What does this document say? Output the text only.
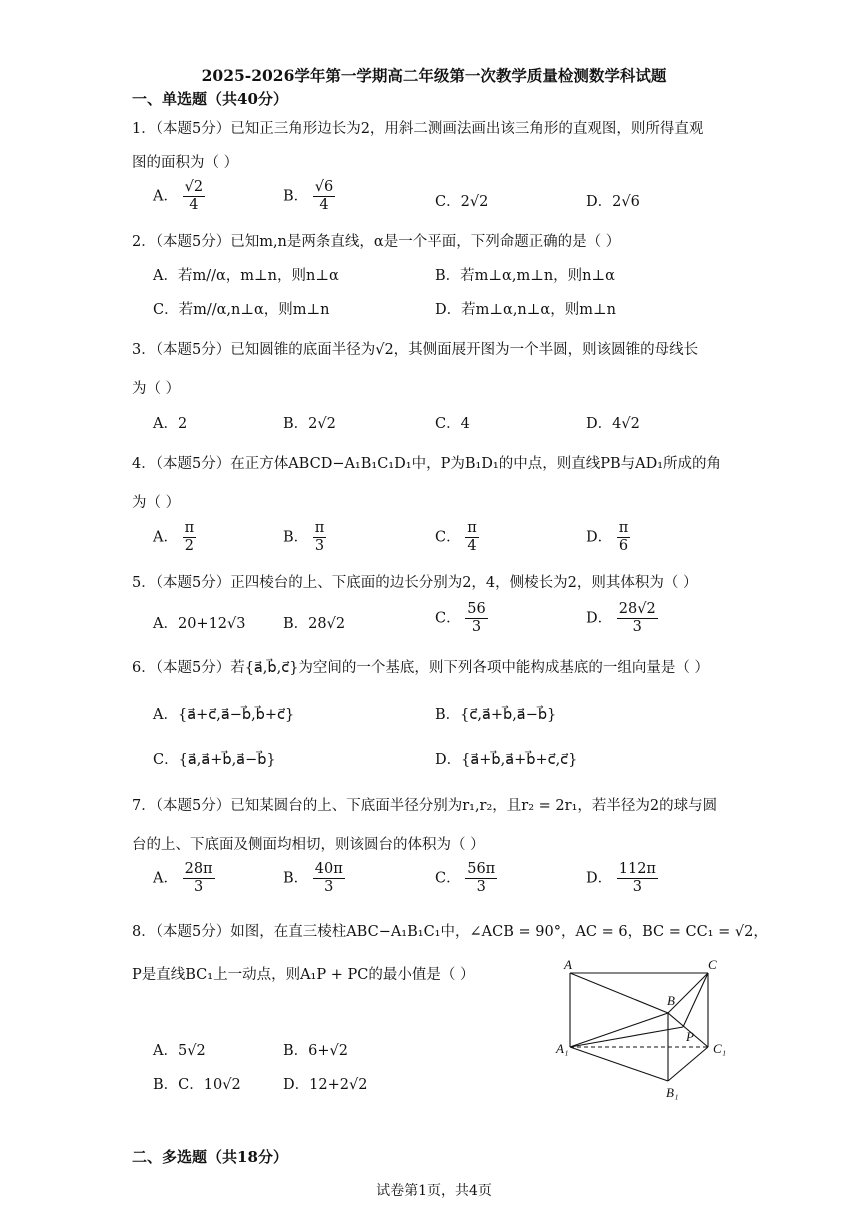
2025-2026学年第一学期高二年级第一次教学质量检测数学科试题
一、单选题（共40分）
1．（本题5分）已知正三角形边长为2，用斜二测画法画出该三角形的直观图，则所得直观
图的面积为（ ）
A． $\frac{√2}{4}$	B． $\frac{√6}{4}$	C．2√2	D．2√6
2．（本题5分）已知m,n是两条直线，α是一个平面，下列命题正确的是（ ）
A．若m//α，m⊥n，则n⊥α	B．若m⊥α,m⊥n，则n⊥α
C．若m//α,n⊥α，则m⊥n	D．若m⊥α,n⊥α，则m⊥n
3．（本题5分）已知圆锥的底面半径为√2，其侧面展开图为一个半圆，则该圆锥的母线长
为（ ）
A．2	B．2√2	C．4	D．4√2
4．（本题5分）在正方体ABCD−A₁B₁C₁D₁中，P为B₁D₁的中点，则直线PB与AD₁所成的角
为（ ）
A． $\frac{\pi}{2}$	B． $\frac{\pi}{3}$	C． $\frac{\pi}{4}$	D． $\frac{\pi}{6}$
5．（本题5分）正四棱台的上、下底面的边长分别为2，4，侧棱长为2，则其体积为（ ）
A．20+12√3	B．28√2	C． $\frac{56}{3}$	D． $\frac{28√2}{3}$
6．（本题5分）若{a⃗,b⃗,c⃗}为空间的一个基底，则下列各项中能构成基底的一组向量是（ ）
A．{a⃗+c⃗,a⃗−b⃗,b⃗+c⃗}	B．{c⃗,a⃗+b⃗,a⃗−b⃗}
C．{a⃗,a⃗+b⃗,a⃗−b⃗}	D．{a⃗+b⃗,a⃗+b⃗+c⃗,c⃗}
7．（本题5分）已知某圆台的上、下底面半径分别为r₁,r₂，且r₂ = 2r₁，若半径为2的球与圆
台的上、下底面及侧面均相切，则该圆台的体积为（ ）
A． $\frac{28\pi}{3}$	B． $\frac{40\pi}{3}$	C． $\frac{56\pi}{3}$	D． $\frac{112\pi}{3}$
8．（本题5分）如图，在直三棱柱ABC−A₁B₁C₁中，∠ACB = 90°，AC = 6，BC = CC₁ = √2，
P是直线BC₁上一动点，则A₁P + PC的最小值是（ ）
A．5√2	B．6+√2
B．C．10√2	D．12+2√2
A	C
B
P
A₁	C₁
B₁
二、多选题（共18分）
试卷第1页，共4页
